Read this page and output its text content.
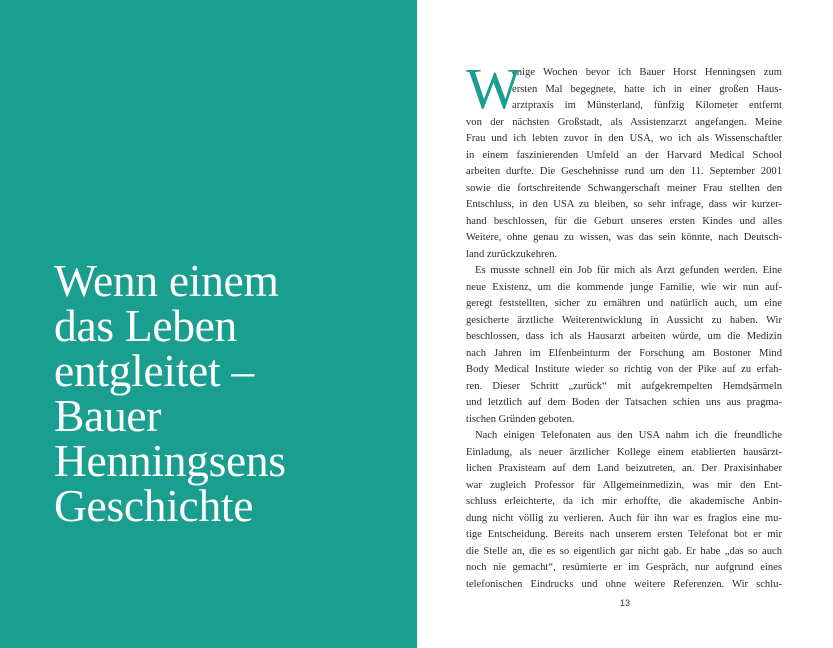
Wenn einem
das Leben
entgleitet –
Bauer
Henningsens
Geschichte
W
enige Wochen bevor ich Bauer Horst Henningsen zum
ersten Mal begegnete, hatte ich in einer großen Haus-
arztpraxis im Münsterland, fünfzig Kilometer entfernt
von der nächsten Großstadt, als Assistenzarzt angefangen. Meine
Frau und ich lebten zuvor in den USA, wo ich als Wissenschaftler
in einem faszinierenden Umfeld an der Harvard Medical School
arbeiten durfte. Die Geschehnisse rund um den 11. September 2001
sowie die fortschreitende Schwangerschaft meiner Frau stellten den
Entschluss, in den USA zu bleiben, so sehr infrage, dass wir kurzer-
hand beschlossen, für die Geburt unseres ersten Kindes und alles
Weitere, ohne genau zu wissen, was das sein könnte, nach Deutsch-
land zurückzukehren.
Es musste schnell ein Job für mich als Arzt gefunden werden. Eine
neue Existenz, um die kommende junge Familie, wie wir nun auf-
geregt feststellten, sicher zu ernähren und natürlich auch, um eine
gesicherte ärztliche Weiterentwicklung in Aussicht zu haben. Wir
beschlossen, dass ich als Hausarzt arbeiten würde, um die Medizin
nach Jahren im Elfenbeinturm der Forschung am Bostoner Mind
Body Medical Institute wieder so richtig von der Pike auf zu erfah-
ren. Dieser Schritt „zurück“ mit aufgekrempelten Hemdsärmeln
und letztlich auf dem Boden der Tatsachen schien uns aus pragma-
tischen Gründen geboten.
Nach einigen Telefonaten aus den USA nahm ich die freundliche
Einladung, als neuer ärztlicher Kollege einem etablierten hausärzt-
lichen Praxisteam auf dem Land beizutreten, an. Der Praxisinhaber
war zugleich Professor für Allgemeinmedizin, was mir den Ent-
schluss erleichterte, da ich mir erhoffte, die akademische Anbin-
dung nicht völlig zu verlieren. Auch für ihn war es fraglos eine mu-
tige Entscheidung. Bereits nach unserem ersten Telefonat bot er mir
die Stelle an, die es so eigentlich gar nicht gab. Er habe „das so auch
noch nie gemacht“, resümierte er im Gespräch, nur aufgrund eines
telefonischen Eindrucks und ohne weitere Referenzen. Wir schlu-
13
